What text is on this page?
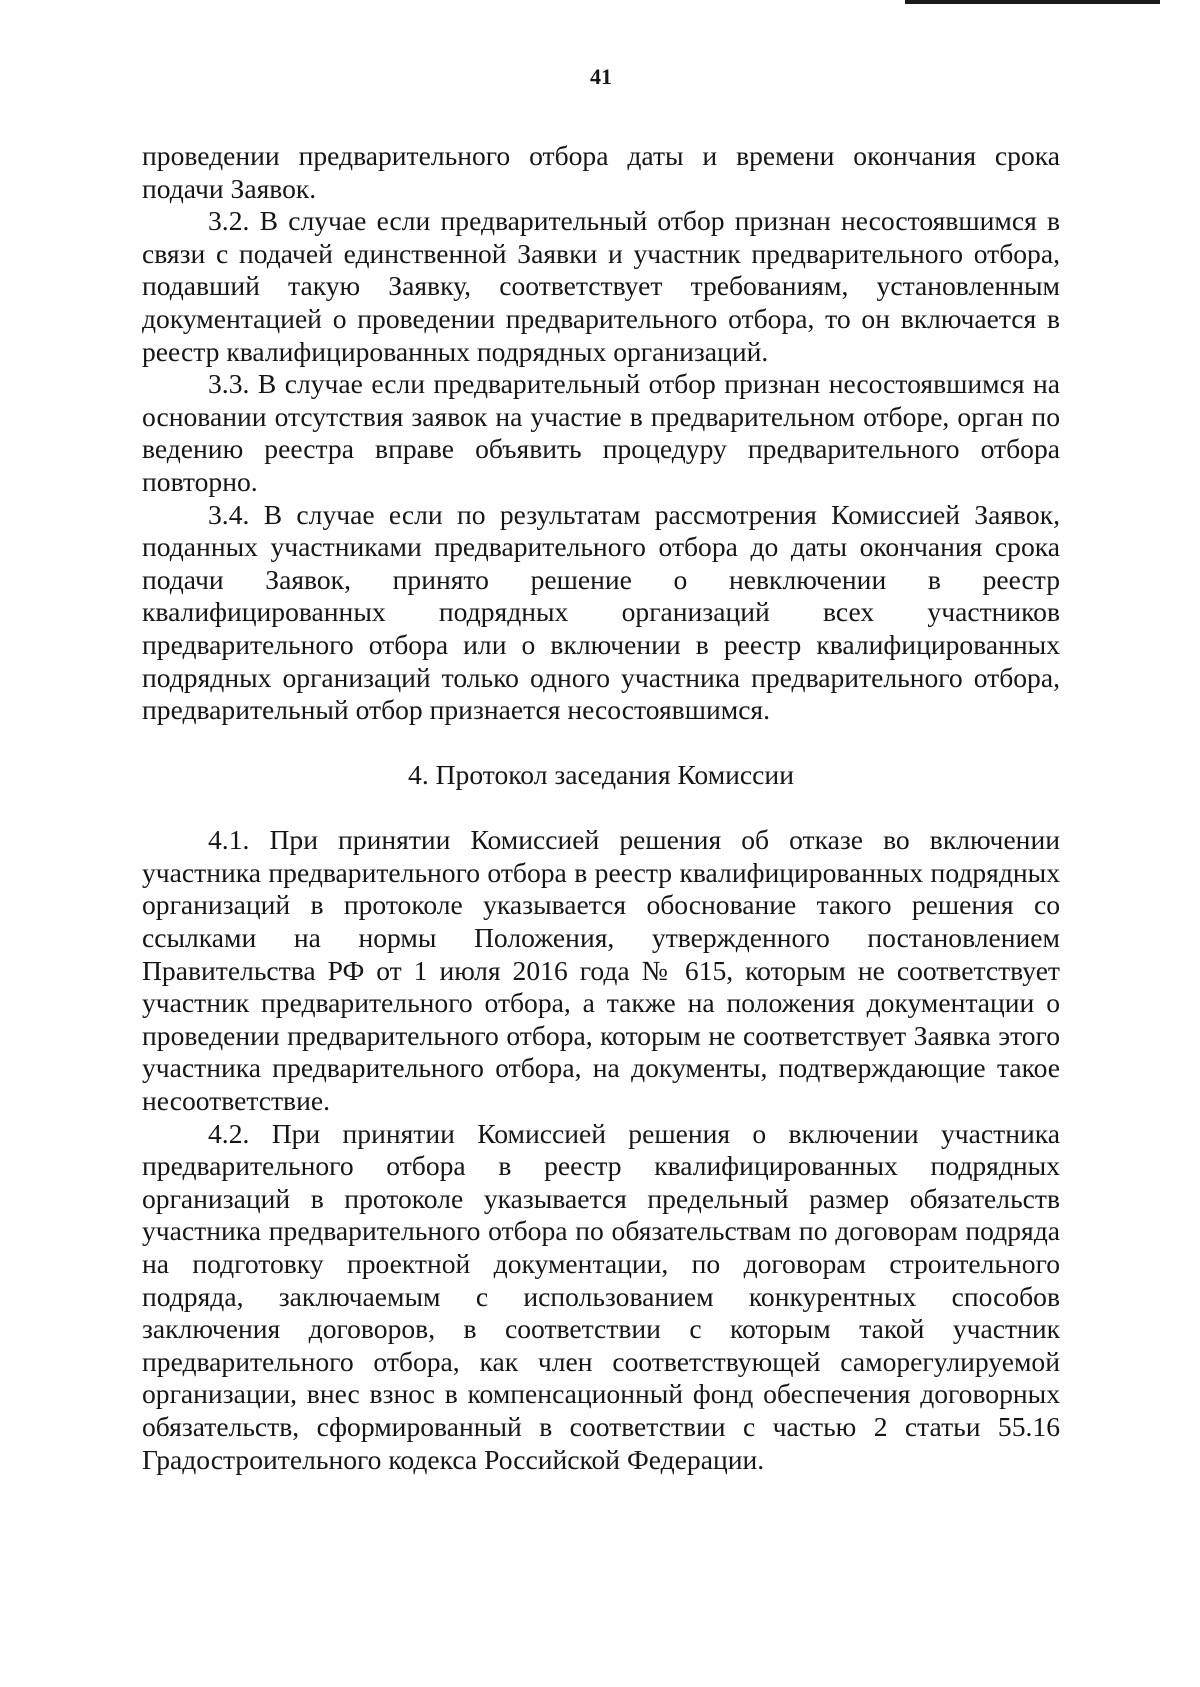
41

проведении предварительного отбора даты и времени окончания срока подачи Заявок.

3.2. В случае если предварительный отбор признан несостоявшимся в связи с подачей единственной Заявки и участник предварительного отбора, подавший такую Заявку, соответствует требованиям, установленным документацией о проведении предварительного отбора, то он включается в реестр квалифицированных подрядных организаций.

3.3. В случае если предварительный отбор признан несостоявшимся на основании отсутствия заявок на участие в предварительном отборе, орган по ведению реестра вправе объявить процедуру предварительного отбора повторно.

3.4. В случае если по результатам рассмотрения Комиссией Заявок, поданных участниками предварительного отбора до даты окончания срока подачи Заявок, принято решение о невключении в реестр квалифицированных подрядных организаций всех участников предварительного отбора или о включении в реестр квалифицированных подрядных организаций только одного участника предварительного отбора, предварительный отбор признается несостоявшимся.

4. Протокол заседания Комиссии

4.1. При принятии Комиссией решения об отказе во включении участника предварительного отбора в реестр квалифицированных подрядных организаций в протоколе указывается обоснование такого решения со ссылками на нормы Положения, утвержденного постановлением Правительства РФ от 1 июля 2016 года № 615, которым не соответствует участник предварительного отбора, а также на положения документации о проведении предварительного отбора, которым не соответствует Заявка этого участника предварительного отбора, на документы, подтверждающие такое несоответствие.

4.2. При принятии Комиссией решения о включении участника предварительного отбора в реестр квалифицированных подрядных организаций в протоколе указывается предельный размер обязательств участника предварительного отбора по обязательствам по договорам подряда на подготовку проектной документации, по договорам строительного подряда, заключаемым с использованием конкурентных способов заключения договоров, в соответствии с которым такой участник предварительного отбора, как член соответствующей саморегулируемой организации, внес взнос в компенсационный фонд обеспечения договорных обязательств, сформированный в соответствии с частью 2 статьи 55.16 Градостроительного кодекса Российской Федерации.
